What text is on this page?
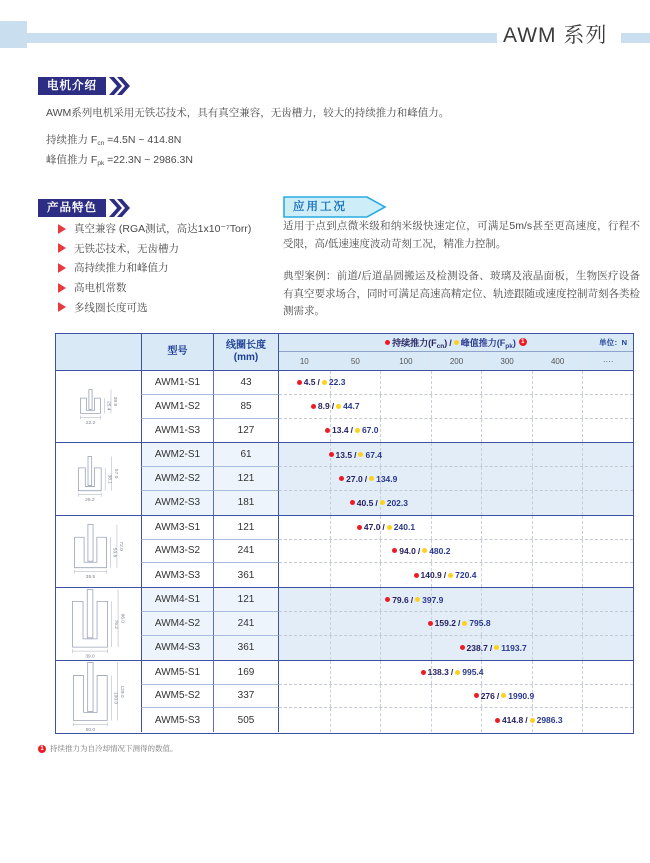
AWM 系列
电机介绍
AWM系列电机采用无铁芯技术，具有真空兼容，无齿槽力，较大的持续推力和峰值力。
持续推力 $F_{cn} =4.5N$ ~ 414.8N
峰值推力 $F_{pk} =22.3N$ ~ 2986.3N
产品特色
真空兼容 (RGA测试，高达1x10⁻⁷Torr)
无铁芯技术，无齿槽力
高持续推力和峰值力
高电机常数
多线圈长度可选
应用工况
适用于点到点微米级和纳米级快速定位，可满足5m/s甚至更高速度，行程不受限，高/低速速度波动苛刻工况，精准力控制。
典型案例：前道/后道晶圆搬运及检测设备、玻璃及液晶面板，生物医疗设备有真空要求场合，同时可满足高速高精定位、轨迹跟随或速度控制苛刻各类检测需求。
型号
线圈长度
(mm)
持续推力$(F_{cn})$ / 峰值推力$(F_{pk})$ 1	单位：N
10	50	100	200	300	400	····
22.2
25.4 39.8
AWM1-S1	43	4.5 / 22.3
AWM1-S2	85	8.9 / 44.7
AWM1-S3	127	13.4 / 67.0
25.2
38.1
57.0
AWM2-S1	61	13.5 / 67.4
AWM2-S2	121	27.0 / 134.9
AWM2-S3	181	40.5 / 202.3
35.5
50.8
72.0
AWM3-S1	121	47.0 / 240.1
AWM3-S2	241	94.0 / 480.2
AWM3-S3	361	140.9 / 720.4
39.0
76.2
96.0
AWM4-S1	121	79.6 / 397.9
AWM4-S2	241	159.2 / 795.8
AWM4-S3	361	238.7 / 1193.7
50.0
100.0
129.0
AWM5-S1	169	138.3 / 995.4
AWM5-S2	337	276 / 1990.9
AWM5-S3	505	414.8 / 2986.3
1 持续推力为自冷却情况下测得的数值。
